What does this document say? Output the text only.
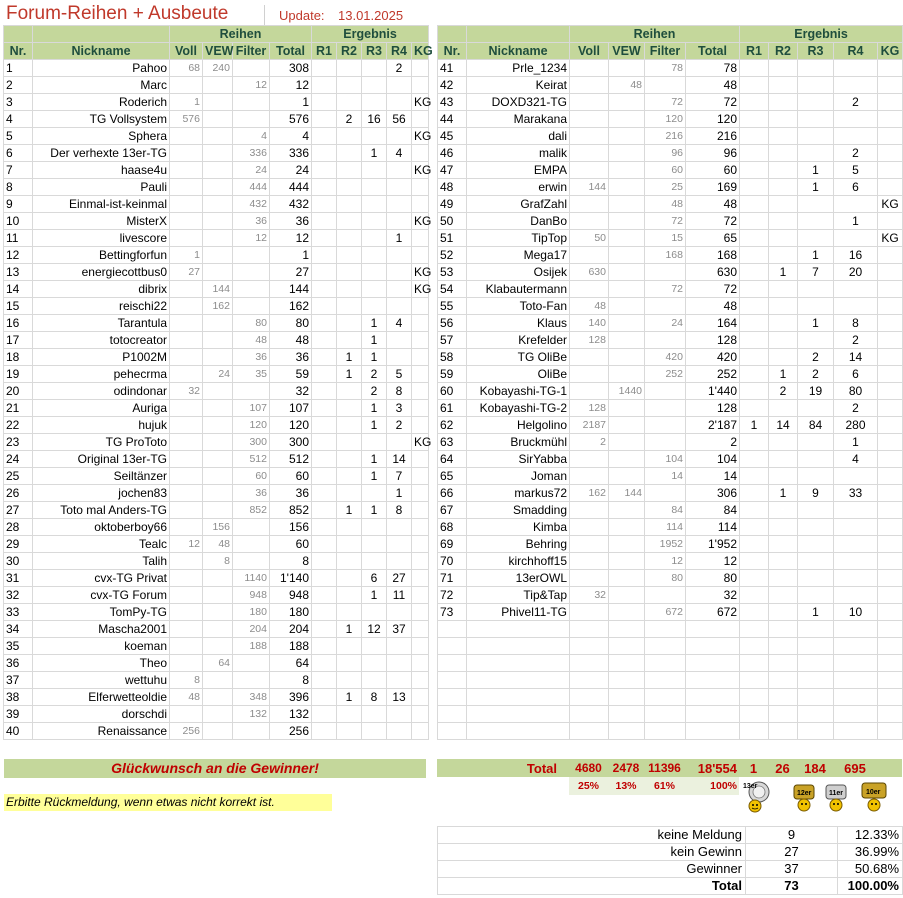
Forum-Reihen + Ausbeute	Update: 13.01.2025
		Reihen				Ergebnis				
Nr.	Nickname	Voll	VEW	Filter	Total	R1	R2	R3	R4	KG
1	Pahoo	68	240		308				2	
2	Marc			12	12					
3	Roderich	1			1					KG
4	TG Vollsystem	576			576		2	16	56	
5	Sphera			4	4					KG
6	Der verhexte 13er-TG			336	336			1	4	
7	haase4u			24	24					KG
8	Pauli			444	444					
9	Einmal-ist-keinmal			432	432					
10	MisterX			36	36					KG
11	livescore			12	12				1	
12	Bettingforfun	1			1					
13	energiecottbus0	27			27					KG
14	dibrix		144		144					KG
15	reischi22		162		162					
16	Tarantula			80	80			1	4	
17	totocreator			48	48			1		
18	P1002M			36	36		1	1		
19	pehecrma		24	35	59		1	2	5	
20	odindonar	32			32			2	8	
21	Auriga			107	107			1	3	
22	hujuk			120	120			1	2	
23	TG ProToto			300	300					KG
24	Original 13er-TG			512	512			1	14	
25	Seiltänzer			60	60			1	7	
26	jochen83			36	36				1	
27	Toto mal Anders-TG			852	852		1	1	8	
28	oktoberboy66		156		156					
29	Tealc	12	48		60					
30	Talih		8		8					
31	cvx-TG Privat			1140	1'140			6	27	
32	cvx-TG Forum			948	948			1	11	
33	TomPy-TG			180	180					
34	Mascha2001			204	204		1	12	37	
35	koeman			188	188					
36	Theo		64		64					
37	wettuhu	8			8					
38	Elferwetteoldie	48		348	396		1	8	13	
39	dorschdi			132	132					
40	Renaissance	256			256					
		Reihen				Ergebnis				
Nr.	Nickname	Voll	VEW	Filter	Total	R1	R2	R3	R4	KG
41	Prle_1234			78	78					
42	Keirat		48		48					
43	DOXD321-TG			72	72				2	
44	Marakana			120	120					
45	dali			216	216					
46	malik			96	96				2	
47	EMPA			60	60			1	5	
48	erwin	144		25	169			1	6	
49	GrafZahl			48	48					KG
50	DanBo			72	72				1	
51	TipTop	50		15	65					KG
52	Mega17			168	168			1	16	
53	Osijek	630			630		1	7	20	
54	Klabautermann			72	72					
55	Toto-Fan	48			48					
56	Klaus	140		24	164			1	8	
57	Krefelder	128			128				2	
58	TG OliBe			420	420			2	14	
59	OliBe			252	252		1	2	6	
60	Kobayashi-TG-1		1440		1'440		2	19	80	
61	Kobayashi-TG-2	128			128				2	
62	Helgolino	2187			2'187	1	14	84	280	
63	Bruckmühl	2			2				1	
64	SirYabba			104	104				4	
65	Joman			14	14					
66	markus72	162	144		306		1	9	33	
67	Smadding			84	84					
68	Kimba			114	114					
69	Behring			1952	1'952					
70	kirchhoff15			12	12					
71	13erOWL			80	80					
72	Tip&Tap	32			32					
73	Phivel11-TG			672	672			1	10	

Glückwunsch an die Gewinner!
Erbitte Rückmeldung, wenn etwas nicht korrekt ist.
Total	4680	2478	11396	18'554	1	26	184	695	
	25%	13%	61%	100%					13er
12er	11er	10er
keine Meldung	9	12.33%
kein Gewinn	27	36.99%
Gewinner	37	50.68%
Total	73	100.00%
